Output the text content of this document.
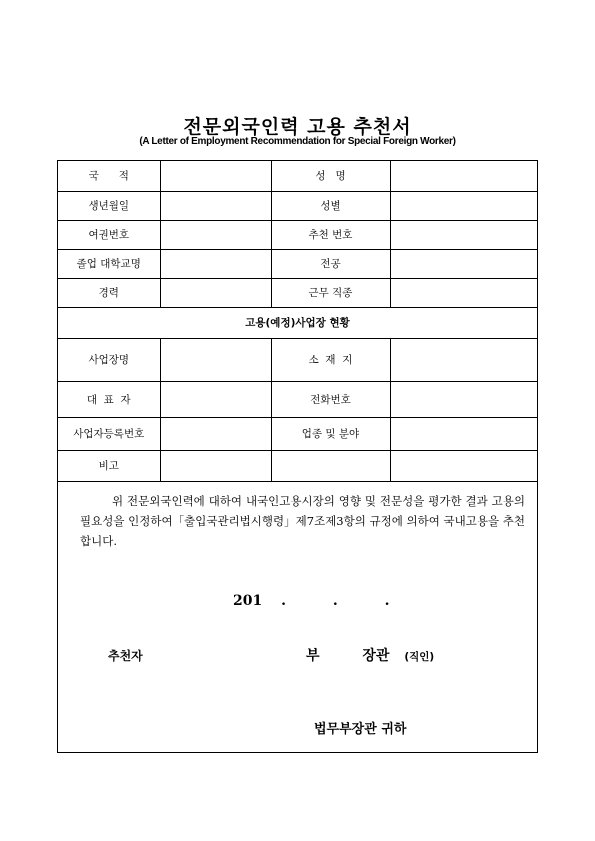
전문외국인력 고용 추천서
(A Letter of Employment Recommendation for Special Foreign Worker)
국      적		성   명	
생년월일		성별	
여권번호		추천 번호	
졸업 대학교명		전공	
경력		근무 직종	
고용(예정)사업장 현황			
사업장명		소  재  지	
대  표  자		전화번호	
사업자등록번호		업종 및 분야	
비고			
위 전문외국인력에 대하여 내국인고용시장의 영향 및 전문성을 평가한 결과 고용의 필요성을 인정하여「출입국관리법시행령」제7조제3항의 규정에 의하여 국내고용을 추천합니다.
201 .	.	.
추천자	부	장관 (직인)
법무부장관 귀하
